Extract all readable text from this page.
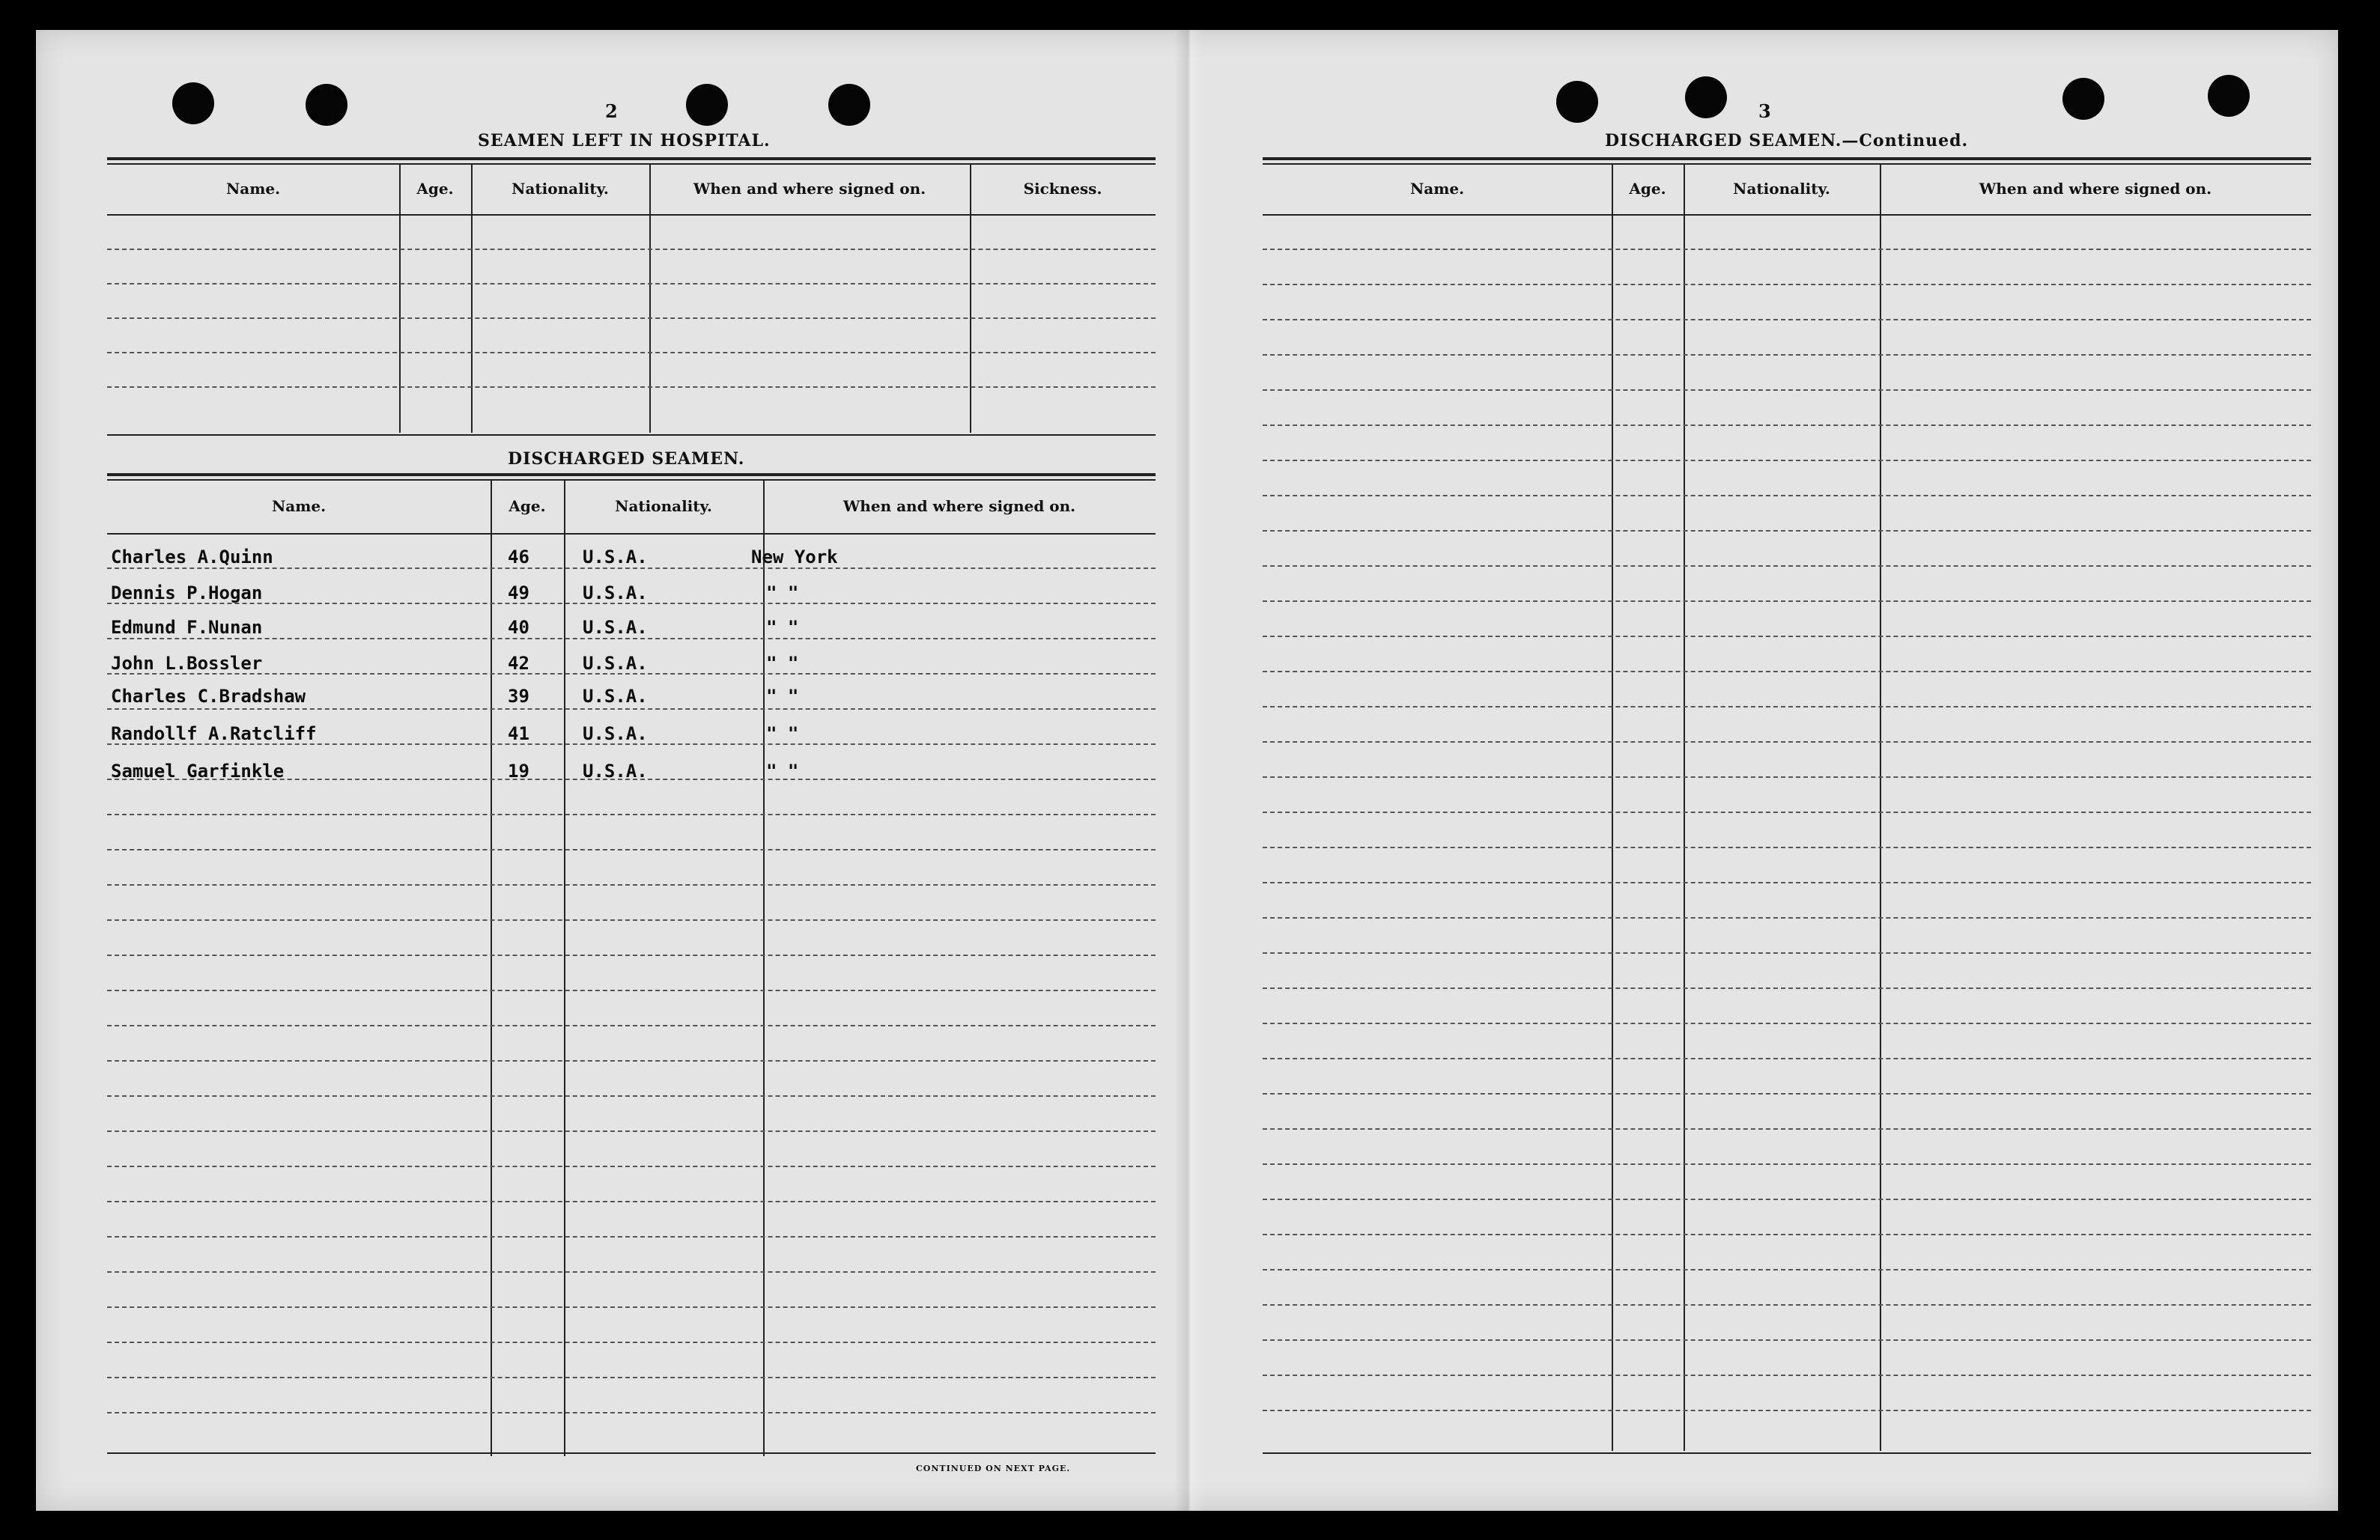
2
SEAMEN LEFT IN HOSPITAL.
Name.	Age.	Nationality.	When and where signed on.	Sickness.
DISCHARGED SEAMEN.
Name.	Age.	Nationality.	When and where signed on.
Charles A.Quinn	46	U.S.A.	New York
Dennis P.Hogan	49	U.S.A.	" "
Edmund F.Nunan	40	U.S.A.	" "
John L.Bossler	42	U.S.A.	" "
Charles C.Bradshaw	39	U.S.A.	" "
Randollf A.Ratcliff	41	U.S.A.	" "
Samuel Garfinkle	19	U.S.A.	" "
CONTINUED ON NEXT PAGE.
3
DISCHARGED SEAMEN.—Continued.
Name.	Age.	Nationality.	When and where signed on.
